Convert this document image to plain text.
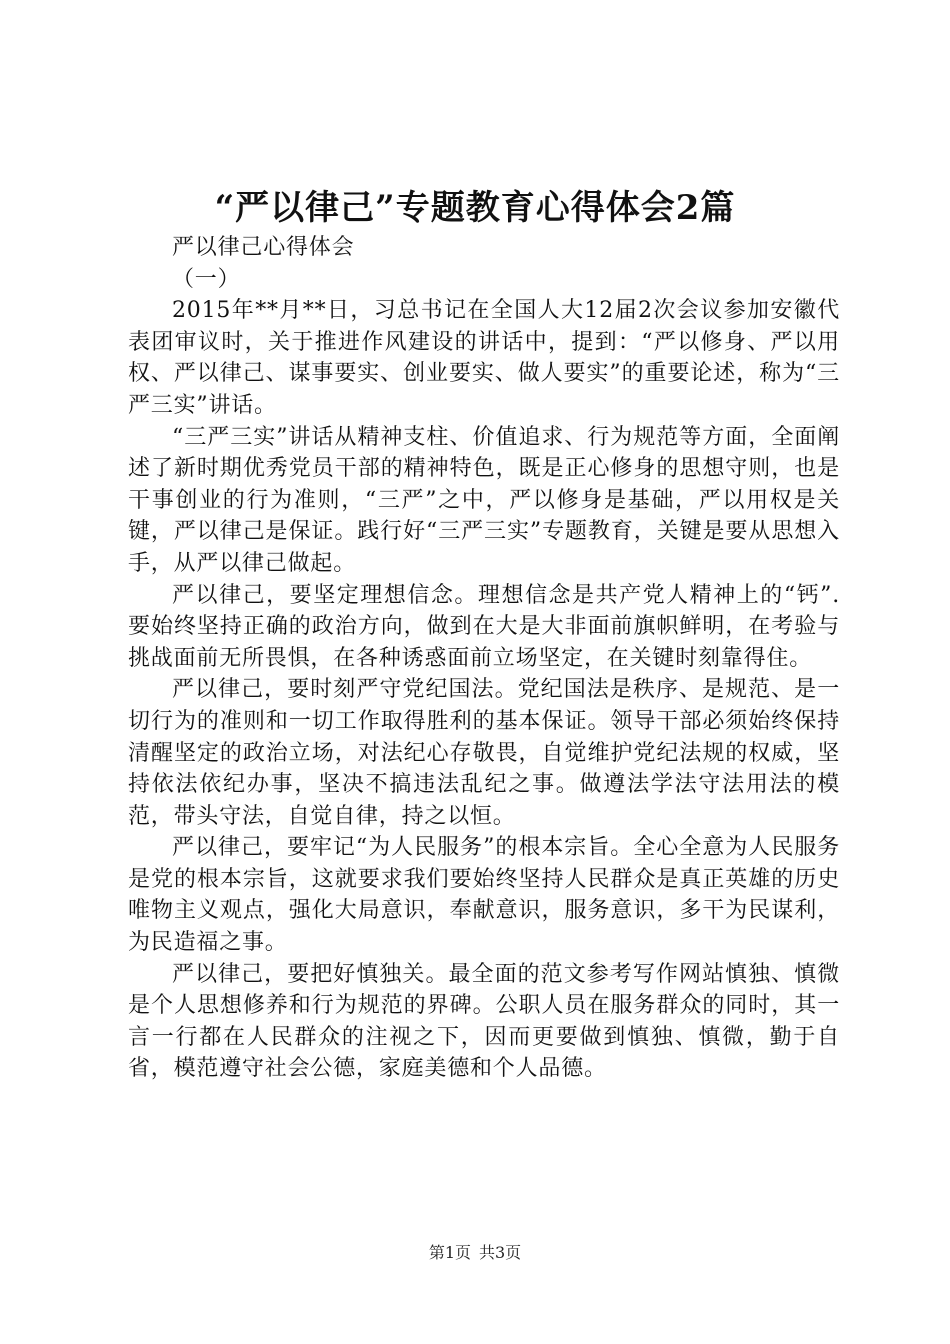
“严以律己”专题教育心得体会2篇

严以律己心得体会

（一）

2015年**月**日，习总书记在全国人大12届2次会议参加安徽代表团审议时，关于推进作风建设的讲话中，提到：“严以修身、严以用权、严以律己、谋事要实、创业要实、做人要实”的重要论述，称为“三严三实”讲话。

“三严三实”讲话从精神支柱、价值追求、行为规范等方面，全面阐述了新时期优秀党员干部的精神特色，既是正心修身的思想守则，也是干事创业的行为准则，“三严”之中，严以修身是基础，严以用权是关键，严以律己是保证。践行好“三严三实”专题教育，关键是要从思想入手，从严以律己做起。

严以律己，要坚定理想信念。理想信念是共产党人精神上的“钙”.要始终坚持正确的政治方向，做到在大是大非面前旗帜鲜明，在考验与挑战面前无所畏惧，在各种诱惑面前立场坚定，在关键时刻靠得住。

严以律己，要时刻严守党纪国法。党纪国法是秩序、是规范、是一切行为的准则和一切工作取得胜利的基本保证。领导干部必须始终保持清醒坚定的政治立场，对法纪心存敬畏，自觉维护党纪法规的权威，坚持依法依纪办事，坚决不搞违法乱纪之事。做遵法学法守法用法的模范，带头守法，自觉自律，持之以恒。

严以律己，要牢记“为人民服务”的根本宗旨。全心全意为人民服务是党的根本宗旨，这就要求我们要始终坚持人民群众是真正英雄的历史唯物主义观点，强化大局意识，奉献意识，服务意识，多干为民谋利，为民造福之事。

严以律己，要把好慎独关。最全面的范文参考写作网站慎独、慎微是个人思想修养和行为规范的界碑。公职人员在服务群众的同时，其一言一行都在人民群众的注视之下，因而更要做到慎独、慎微，勤于自省，模范遵守社会公德，家庭美德和个人品德。

第1页 共3页
